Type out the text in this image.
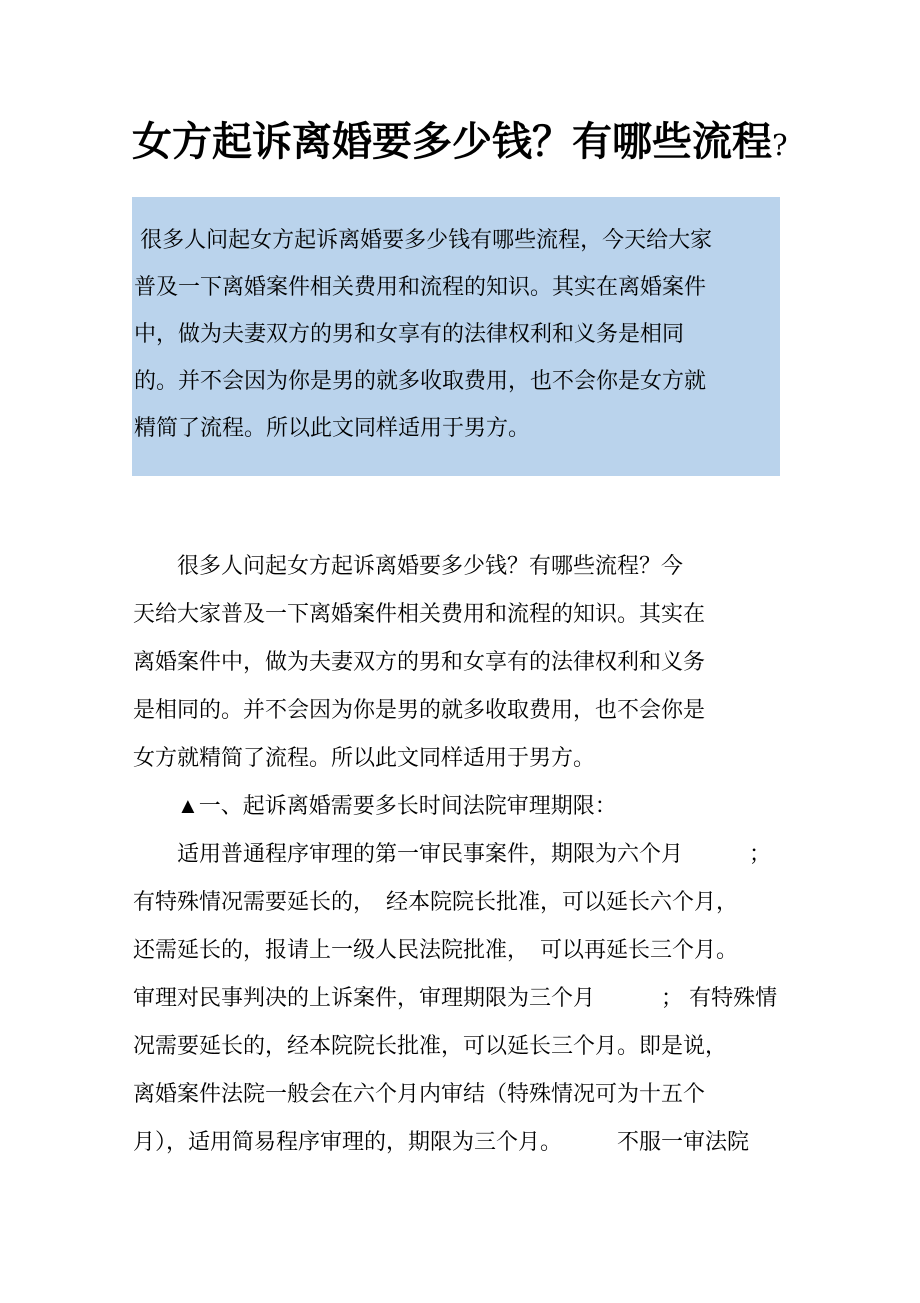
女方起诉离婚要多少钱？有哪些流程?
很多人问起女方起诉离婚要多少钱有哪些流程，今天给大家
普及一下离婚案件相关费用和流程的知识。其实在离婚案件
中，做为夫妻双方的男和女享有的法律权利和义务是相同
的。并不会因为你是男的就多收取费用，也不会你是女方就
精简了流程。所以此文同样适用于男方。
　　很多人问起女方起诉离婚要多少钱？有哪些流程？今
天给大家普及一下离婚案件相关费用和流程的知识。其实在
离婚案件中，做为夫妻双方的男和女享有的法律权利和义务
是相同的。并不会因为你是男的就多收取费用，也不会你是
女方就精简了流程。所以此文同样适用于男方。
　　▲一、起诉离婚需要多长时间法院审理期限：
　　适用普通程序审理的第一审民事案件，期限为六个月　　　；
有特殊情况需要延长的，　经本院院长批准，可以延长六个月，
还需延长的，报请上一级人民法院批准，　可以再延长三个月。
审理对民事判决的上诉案件，审理期限为三个月　　　； 有特殊情
况需要延长的，经本院院长批准，可以延长三个月。即是说，
离婚案件法院一般会在六个月内审结（特殊情况可为十五个
月），适用简易程序审理的，期限为三个月。　　　不服一审法院
